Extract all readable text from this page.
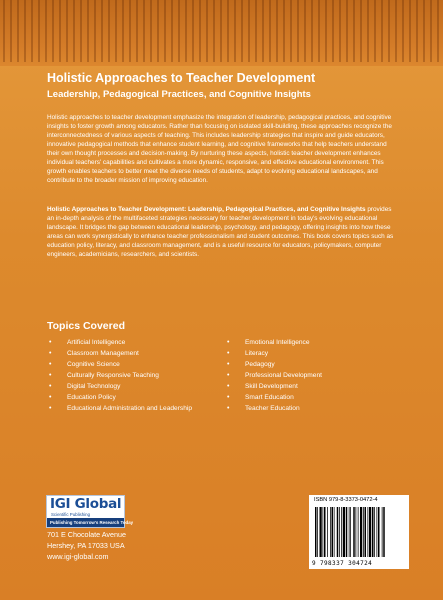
Holistic Approaches to Teacher Development
Leadership, Pedagogical Practices, and Cognitive Insights

Holistic approaches to teacher development emphasize the integration of leadership, pedagogical practices, and cognitive insights to foster growth among educators. Rather than focusing on isolated skill-building, these approaches recognize the interconnectedness of various aspects of teaching. This includes leadership strategies that inspire and guide educators, innovative pedagogical methods that enhance student learning, and cognitive frameworks that help teachers understand their own thought processes and decision-making. By nurturing these aspects, holistic teacher development enhances individual teachers' capabilities and cultivates a more dynamic, responsive, and effective educational environment. This growth enables teachers to better meet the diverse needs of students, adapt to evolving educational landscapes, and contribute to the broader mission of improving education.

Holistic Approaches to Teacher Development: Leadership, Pedagogical Practices, and Cognitive Insights provides an in-depth analysis of the multifaceted strategies necessary for teacher development in today's evolving educational landscape. It bridges the gap between educational leadership, psychology, and pedagogy, offering insights into how these areas can work synergistically to enhance teacher professionalism and student outcomes. This book covers topics such as education policy, literacy, and classroom management, and is a useful resource for educators, policymakers, computer engineers, academicians, researchers, and scientists.

Topics Covered
• Artificial Intelligence
• Classroom Management
• Cognitive Science
• Culturally Responsive Teaching
• Digital Technology
• Education Policy
• Educational Administration and Leadership
• Emotional Intelligence
• Literacy
• Pedagogy
• Professional Development
• Skill Development
• Smart Education
• Teacher Education
IGI Global
Scientific Publishing
Publishing Tomorrow's Research Today
701 E Chocolate Avenue
Hershey, PA 17033 USA
www.igi-global.com
ISBN 979-8-3373-0472-4
9 798337 304724
